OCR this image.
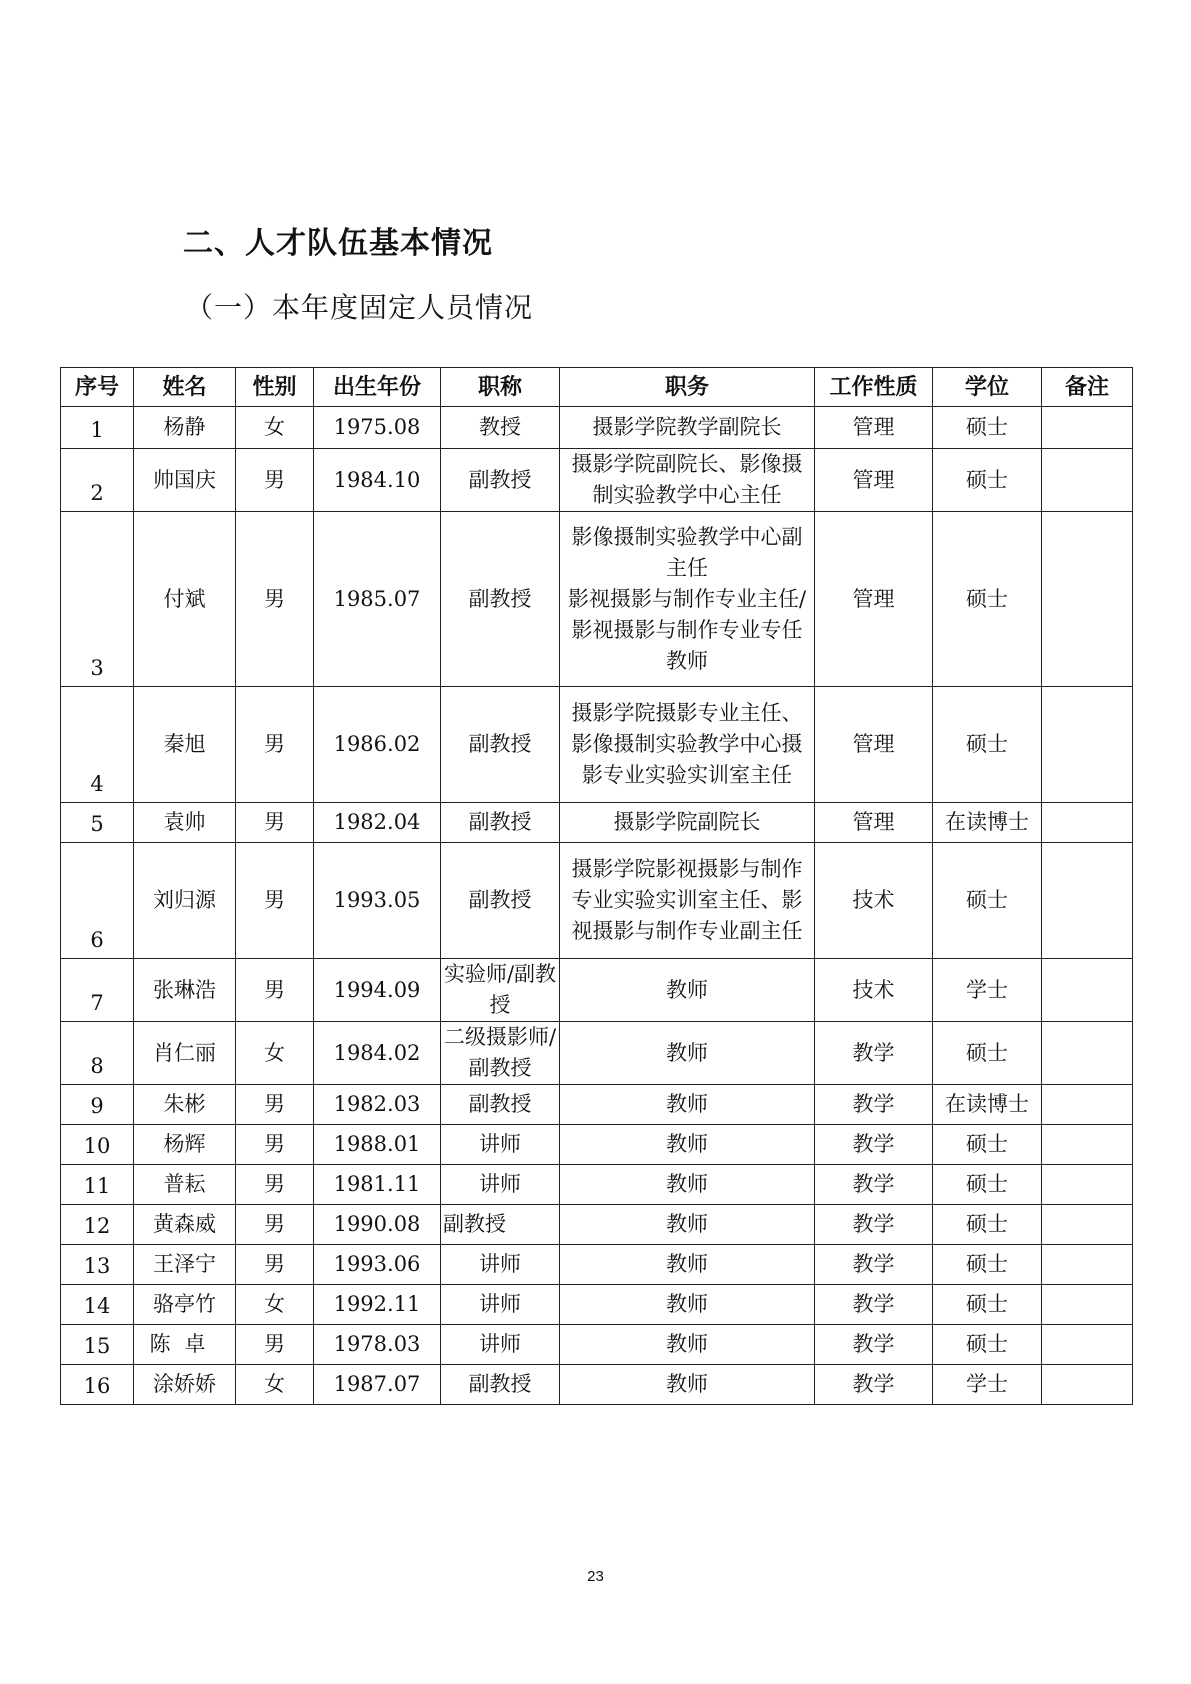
二、人才队伍基本情况
（一）本年度固定人员情况
序号	姓名	性别	出生年份	职称	职务	工作性质	学位	备注
1	杨静	女	1975.08	教授	摄影学院教学副院长	管理	硕士	
2	帅国庆	男	1984.10	副教授	摄影学院副院长、影像摄制实验教学中心主任	管理	硕士	
3	付斌	男	1985.07	副教授	影像摄制实验教学中心副主任
影视摄影与制作专业主任/
影视摄影与制作专业专任教师	管理	硕士	
4	秦旭	男	1986.02	副教授	摄影学院摄影专业主任、影像摄制实验教学中心摄影专业实验实训室主任	管理	硕士	
5	袁帅	男	1982.04	副教授	摄影学院副院长	管理	在读博士	
6	刘归源	男	1993.05	副教授	摄影学院影视摄影与制作专业实验实训室主任、影视摄影与制作专业副主任	技术	硕士	
7	张琳浩	男	1994.09	实验师/副教授	教师	技术	学士	
8	肖仁丽	女	1984.02	二级摄影师/副教授	教师	教学	硕士	
9	朱彬	男	1982.03	副教授	教师	教学	在读博士	
10	杨辉	男	1988.01	讲师	教师	教学	硕士	
11	普耘	男	1981.11	讲师	教师	教学	硕士	
12	黄森威	男	1990.08	副教授	教师	教学	硕士	
13	王泽宁	男	1993.06	讲师	教师	教学	硕士	
14	骆亭竹	女	1992.11	讲师	教师	教学	硕士	
15	陈卓	男	1978.03	讲师	教师	教学	硕士	
16	涂娇娇	女	1987.07	副教授	教师	教学	学士	
23
